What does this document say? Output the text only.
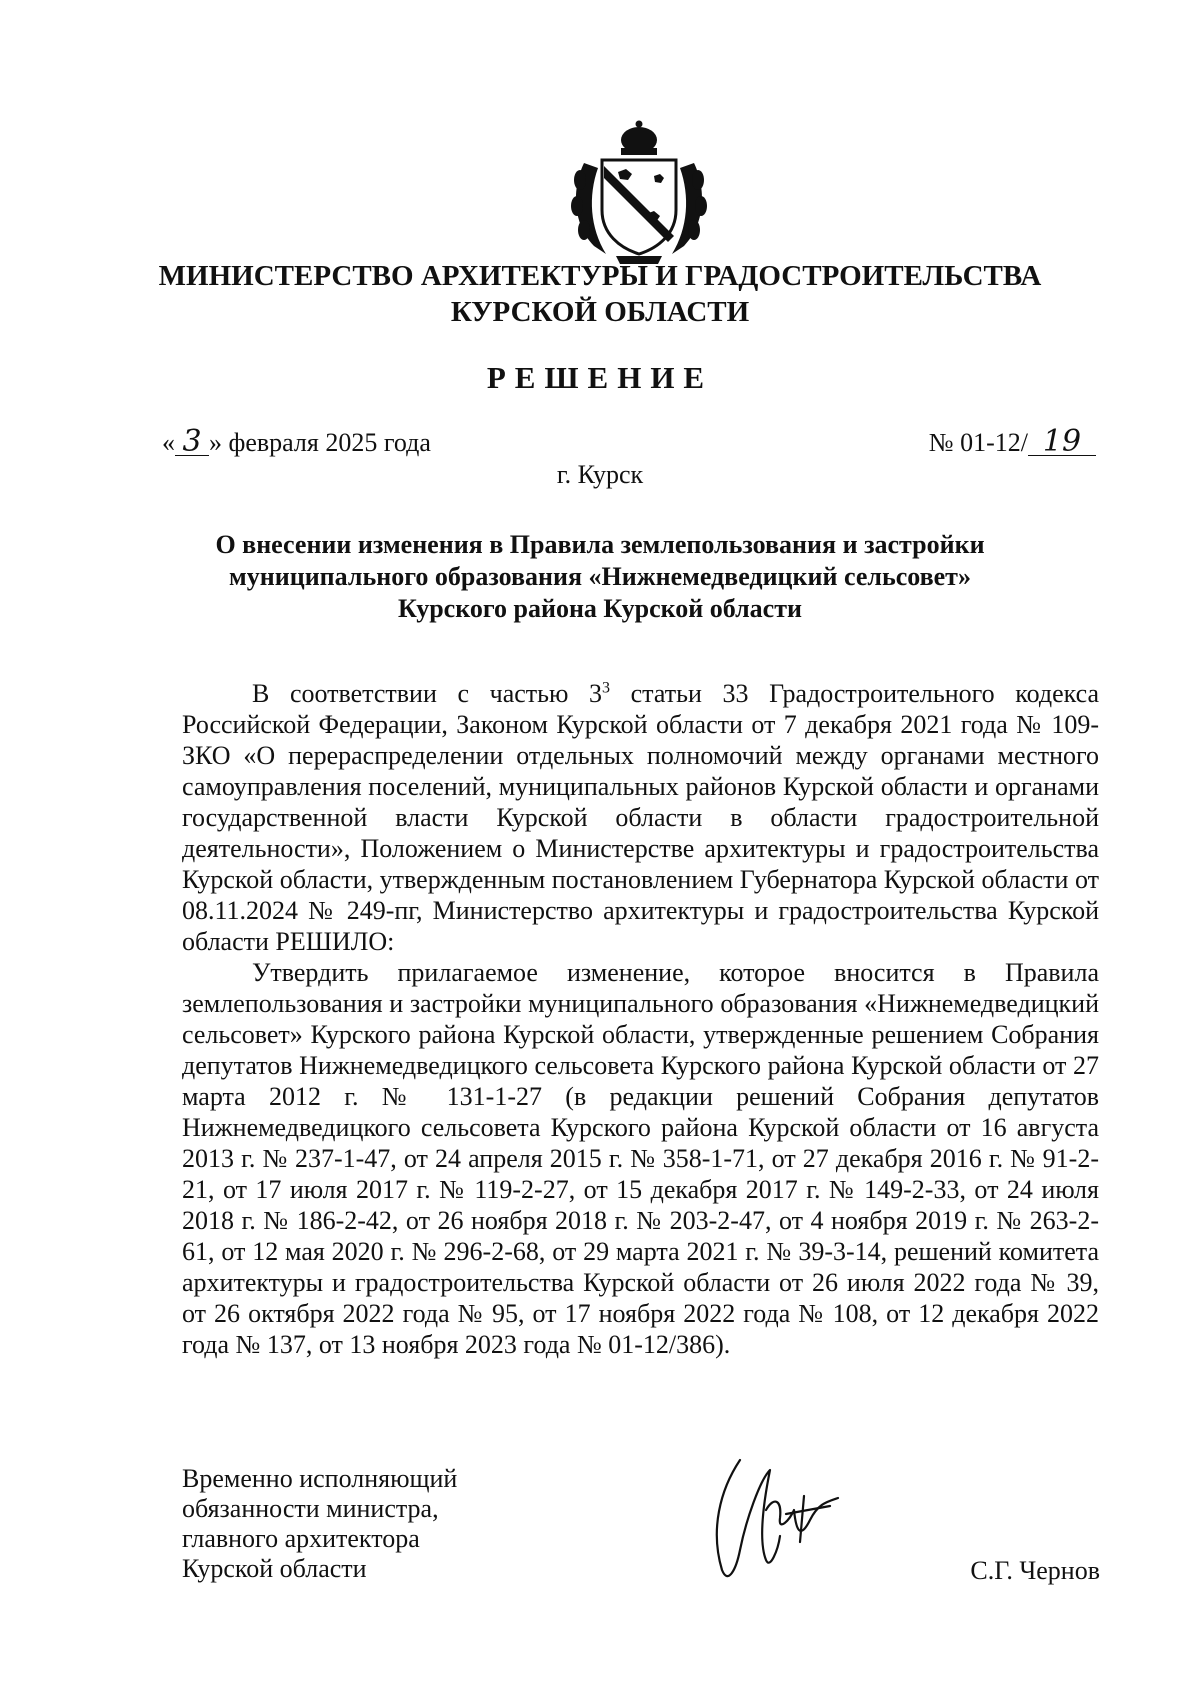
МИНИСТЕРСТВО АРХИТЕКТУРЫ И ГРАДОСТРОИТЕЛЬСТВА
КУРСКОЙ ОБЛАСТИ
РЕШЕНИЕ
« 3 » февраля 2025 года	№ 01-12/ 19
г. Курск
О внесении изменения в Правила землепользования и застройки
муниципального образования «Нижнемедведицкий сельсовет»
Курского района Курской области

В соответствии с частью $3^3$ статьи 33 Градостроительного кодекса Российской Федерации, Законом Курской области от 7 декабря 2021 года № 109-ЗКО «О перераспределении отдельных полномочий между органами местного самоуправления поселений, муниципальных районов Курской области и органами государственной власти Курской области в области градостроительной деятельности», Положением о Министерстве архитектуры и градостроительства Курской области, утвержденным постановлением Губернатора Курской области от 08.11.2024 № 249-пг, Министерство архитектуры и градостроительства Курской области РЕШИЛО:

Утвердить прилагаемое изменение, которое вносится в Правила землепользования и застройки муниципального образования «Нижнемедведицкий сельсовет» Курского района Курской области, утвержденные решением Собрания депутатов Нижнемедведицкого сельсовета Курского района Курской области от 27 марта 2012 г. № 131-1-27 (в редакции решений Собрания депутатов Нижнемедведицкого сельсовета Курского района Курской области от 16 августа 2013 г. № 237-1-47, от 24 апреля 2015 г. № 358-1-71, от 27 декабря 2016 г. № 91-2-21, от 17 июля 2017 г. № 119-2-27, от 15 декабря 2017 г. № 149-2-33, от 24 июля 2018 г. № 186-2-42, от 26 ноября 2018 г. № 203-2-47, от 4 ноября 2019 г. № 263-2-61, от 12 мая 2020 г. № 296-2-68, от 29 марта 2021 г. № 39-3-14, решений комитета архитектуры и градостроительства Курской области от 26 июля 2022 года № 39, от 26 октября 2022 года № 95, от 17 ноября 2022 года № 108, от 12 декабря 2022 года № 137, от 13 ноября 2023 года № 01-12/386).

Временно исполняющий
обязанности министра,
главного архитектора
Курской области	С.Г. Чернов
